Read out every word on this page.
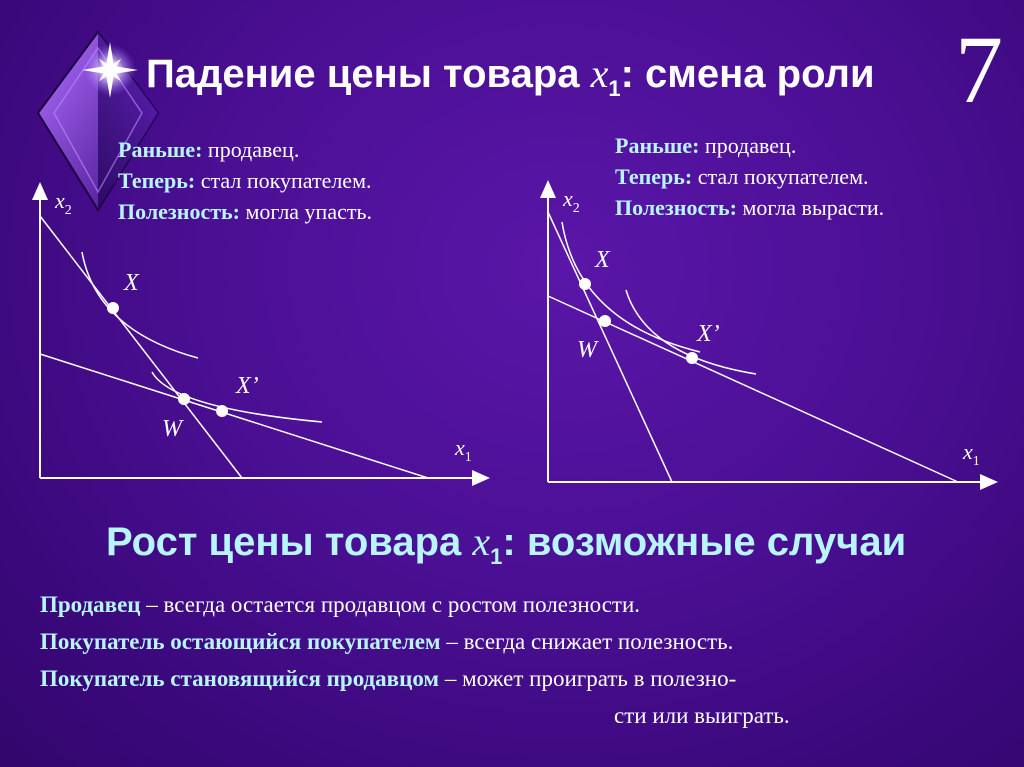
Падение цены товара $x_1$: смена роли 7
Раньше: продавец.
Теперь: стал покупателем.
Полезность: могла упасть.
Раньше: продавец.
Теперь: стал покупателем.
Полезность: могла вырасти.
$x_2$
$x_1$
X
X’
W
$x_2$
$x_1$
X
X’
W
Рост цены товара $x_1$: возможные случаи
Продавец – всегда остается продавцом с ростом полезности.
Покупатель остающийся покупателем – всегда снижает полезность.
Покупатель становящийся продавцом – может проиграть в полезно-
сти или выиграть.
